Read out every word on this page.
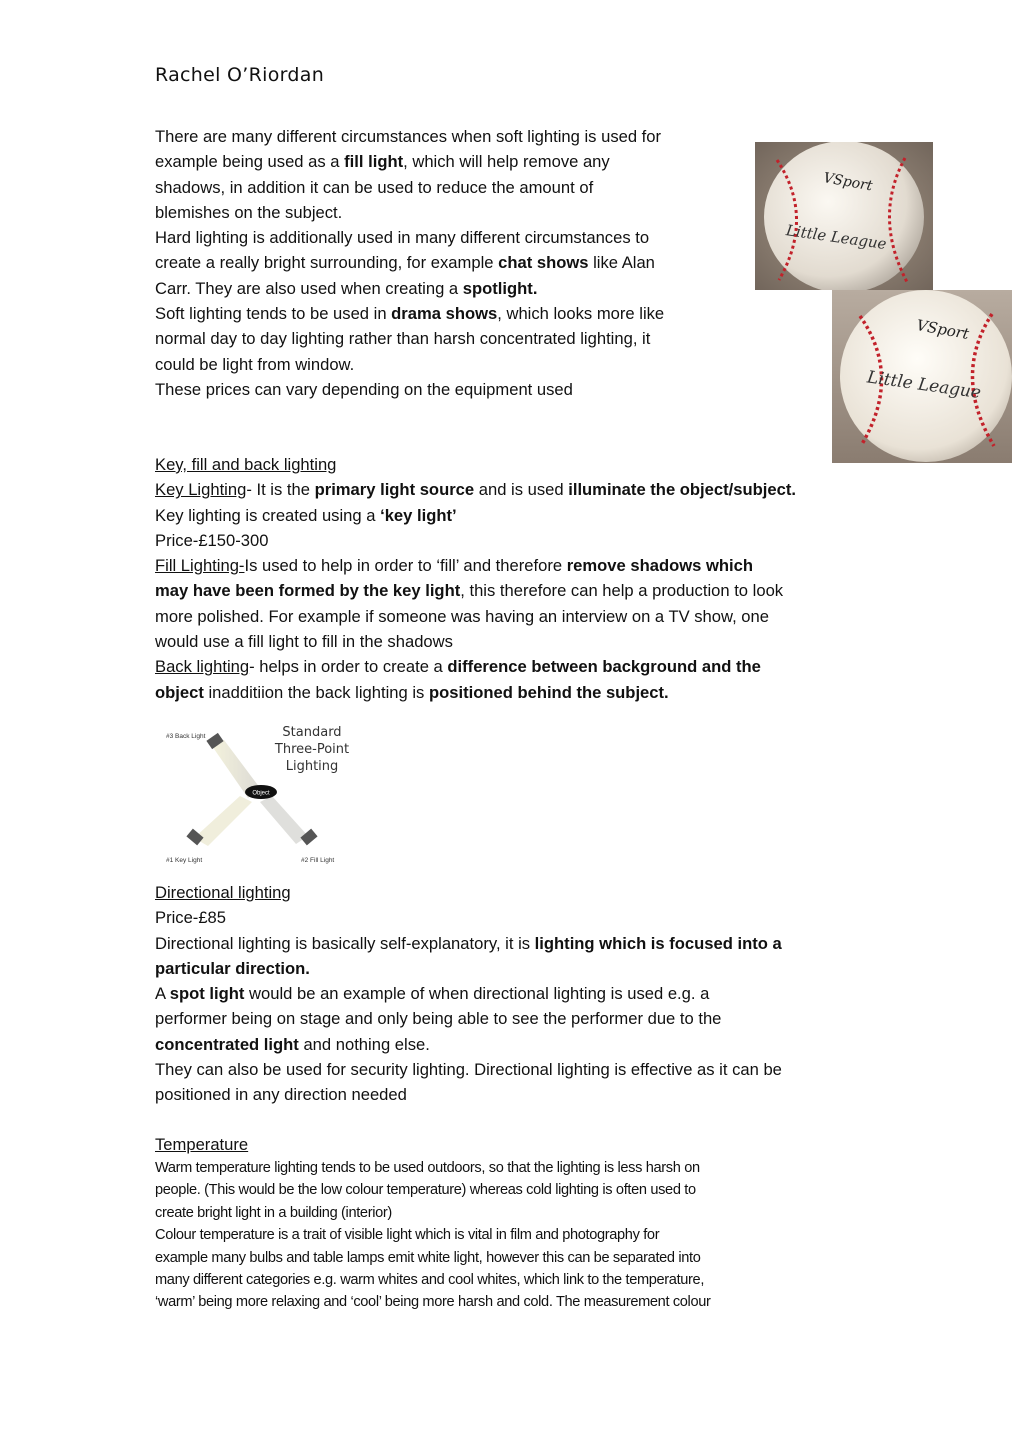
Rachel O’Riordan

There are many different circumstances when soft lighting is used for

example being used as a fill light, which will help remove any

shadows, in addition it can be used to reduce the amount of

blemishes on the subject.

Hard lighting is additionally used in many different circumstances to

create a really bright surrounding, for example chat shows like Alan

Carr. They are also used when creating a spotlight.

Soft lighting tends to be used in drama shows, which looks more like

normal day to day lighting rather than harsh concentrated lighting, it

could be light from window.

These prices can vary depending on the equipment used

VSport
Little League
VSport
Little League

Key, fill and back lighting

Key Lighting- It is the primary light source and is used illuminate the object/subject.

Key lighting is created using a ‘key light’

Price-£150-300

Fill Lighting-Is used to help in order to ‘fill’ and therefore remove shadows which

may have been formed by the key light, this therefore can help a production to look

more polished. For example if someone was having an interview on a TV show, one

would use a fill light to fill in the shadows

Back lighting- helps in order to create a difference between background and the

object inadditiion the back lighting is positioned behind the subject.

Object
#3 Back Light
#1 Key Light	#2 Fill Light
Standard
Three-Point
Lighting

Directional lighting

Price-£85

Directional lighting is basically self-explanatory, it is lighting which is focused into a

particular direction.

A spot light would be an example of when directional lighting is used e.g. a

performer being on stage and only being able to see the performer due to the

concentrated light and nothing else.

They can also be used for security lighting. Directional lighting is effective as it can be

positioned in any direction needed

Temperature

Warm temperature lighting tends to be used outdoors, so that the lighting is less harsh on

people. (This would be the low colour temperature) whereas cold lighting is often used to

create bright light in a building (interior)

Colour temperature is a trait of visible light which is vital in film and photography for

example many bulbs and table lamps emit white light, however this can be separated into

many different categories e.g. warm whites and cool whites, which link to the temperature,

‘warm’ being more relaxing and ‘cool’ being more harsh and cold. The measurement colour
